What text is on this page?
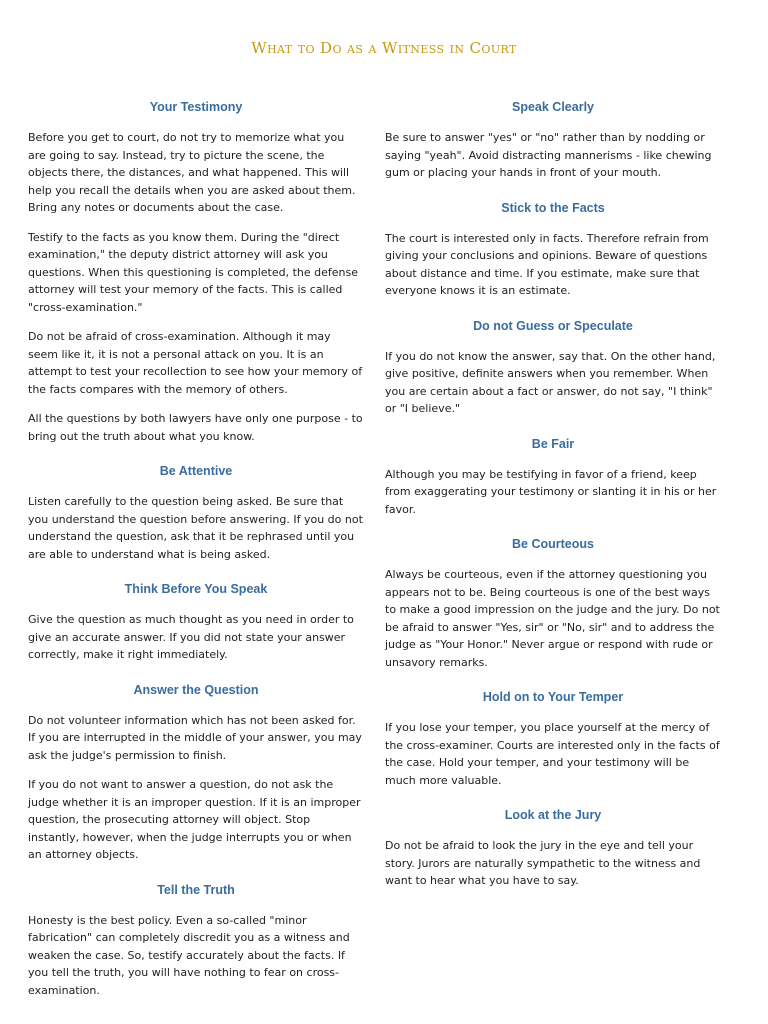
What to Do as a Witness in Court
Your Testimony

Before you get to court, do not try to memorize what you are going to say. Instead, try to picture the scene, the objects there, the distances, and what happened. This will help you recall the details when you are asked about them. Bring any notes or documents about the case.

Testify to the facts as you know them. During the "direct examination," the deputy district attorney will ask you questions. When this questioning is completed, the defense attorney will test your memory of the facts. This is called "cross-examination."

Do not be afraid of cross-examination. Although it may seem like it, it is not a personal attack on you. It is an attempt to test your recollection to see how your memory of the facts compares with the memory of others.

All the questions by both lawyers have only one purpose - to bring out the truth about what you know.

Be Attentive

Listen carefully to the question being asked. Be sure that you understand the question before answering. If you do not understand the question, ask that it be rephrased until you are able to understand what is being asked.

Think Before You Speak

Give the question as much thought as you need in order to give an accurate answer. If you did not state your answer correctly, make it right immediately.

Answer the Question

Do not volunteer information which has not been asked for. If you are interrupted in the middle of your answer, you may ask the judge's permission to finish.

If you do not want to answer a question, do not ask the judge whether it is an improper question. If it is an improper question, the prosecuting attorney will object. Stop instantly, however, when the judge interrupts you or when an attorney objects.

Tell the Truth

Honesty is the best policy. Even a so-called "minor fabrication" can completely discredit you as a witness and weaken the case. So, testify accurately about the facts. If you tell the truth, you will have nothing to fear on cross-examination.

Speak Clearly

Be sure to answer "yes" or "no" rather than by nodding or saying "yeah". Avoid distracting mannerisms - like chewing gum or placing your hands in front of your mouth.

Stick to the Facts

The court is interested only in facts. Therefore refrain from giving your conclusions and opinions. Beware of questions about distance and time. If you estimate, make sure that everyone knows it is an estimate.

Do not Guess or Speculate

If you do not know the answer, say that. On the other hand, give positive, definite answers when you remember. When you are certain about a fact or answer, do not say, "I think" or "I believe."

Be Fair

Although you may be testifying in favor of a friend, keep from exaggerating your testimony or slanting it in his or her favor.

Be Courteous

Always be courteous, even if the attorney questioning you appears not to be. Being courteous is one of the best ways to make a good impression on the judge and the jury. Do not be afraid to answer "Yes, sir" or "No, sir" and to address the judge as "Your Honor." Never argue or respond with rude or unsavory remarks.

Hold on to Your Temper

If you lose your temper, you place yourself at the mercy of the cross-examiner. Courts are interested only in the facts of the case. Hold your temper, and your testimony will be much more valuable.

Look at the Jury

Do not be afraid to look the jury in the eye and tell your story. Jurors are naturally sympathetic to the witness and want to hear what you have to say.
